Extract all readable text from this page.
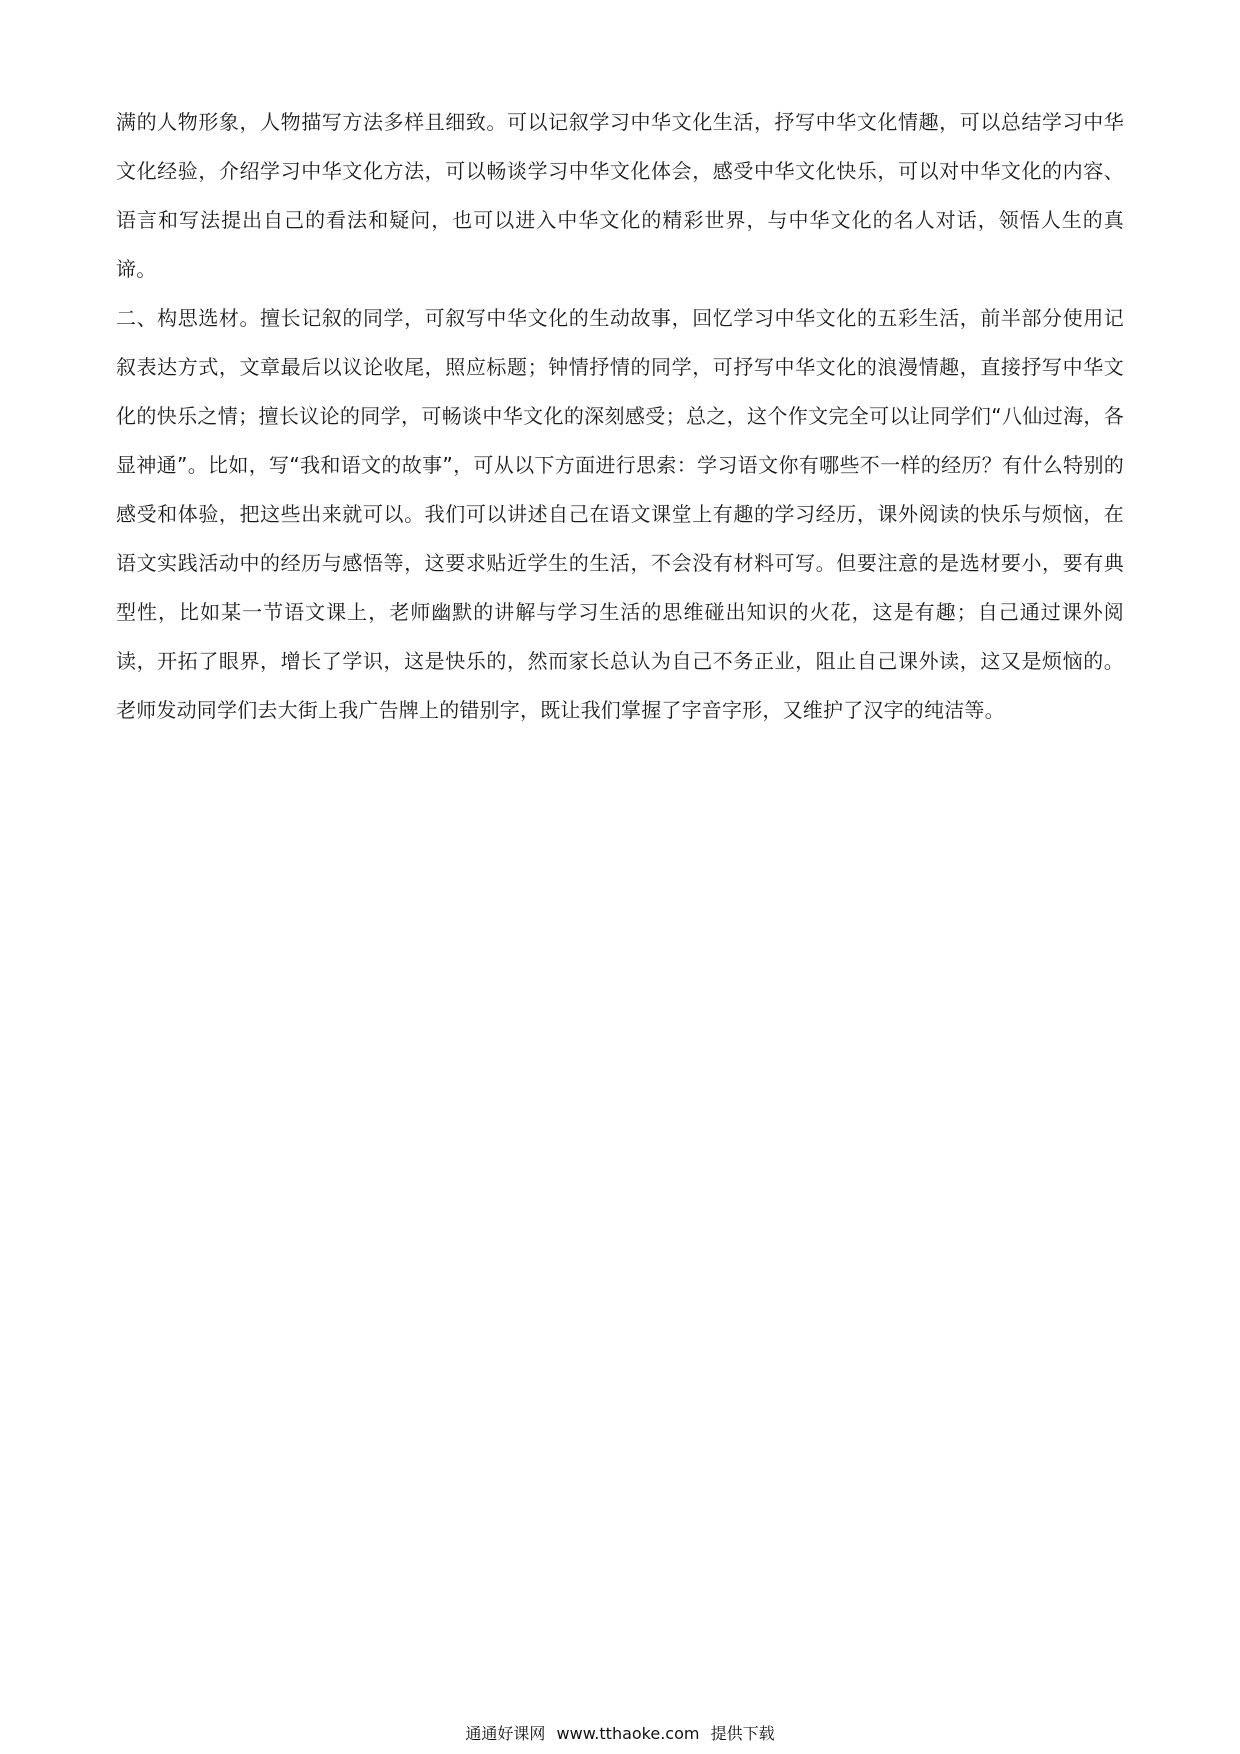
满的人物形象，人物描写方法多样且细致。可以记叙学习中华文化生活，抒写中华文化情趣，可以总结学习中华文化经验，介绍学习中华文化方法，可以畅谈学习中华文化体会，感受中华文化快乐，可以对中华文化的内容、语言和写法提出自己的看法和疑问，也可以进入中华文化的精彩世界，与中华文化的名人对话，领悟人生的真谛。

二、构思选材。擅长记叙的同学，可叙写中华文化的生动故事，回忆学习中华文化的五彩生活，前半部分使用记叙表达方式，文章最后以议论收尾，照应标题；钟情抒情的同学，可抒写中华文化的浪漫情趣，直接抒写中华文化的快乐之情；擅长议论的同学，可畅谈中华文化的深刻感受；总之，这个作文完全可以让同学们“八仙过海，各显神通”。比如，写“我和语文的故事”，可从以下方面进行思索：学习语文你有哪些不一样的经历？有什么特别的感受和体验，把这些出来就可以。我们可以讲述自己在语文课堂上有趣的学习经历，课外阅读的快乐与烦恼，在语文实践活动中的经历与感悟等，这要求贴近学生的生活，不会没有材料可写。但要注意的是选材要小，要有典型性，比如某一节语文课上，老师幽默的讲解与学习生活的思维碰出知识的火花，这是有趣；自己通过课外阅读，开拓了眼界，增长了学识，这是快乐的，然而家长总认为自己不务正业，阻止自己课外读，这又是烦恼的。老师发动同学们去大街上我广告牌上的错别字，既让我们掌握了字音字形，又维护了汉字的纯洁等。

通通好课网 www.tthaoke.com 提供下载
